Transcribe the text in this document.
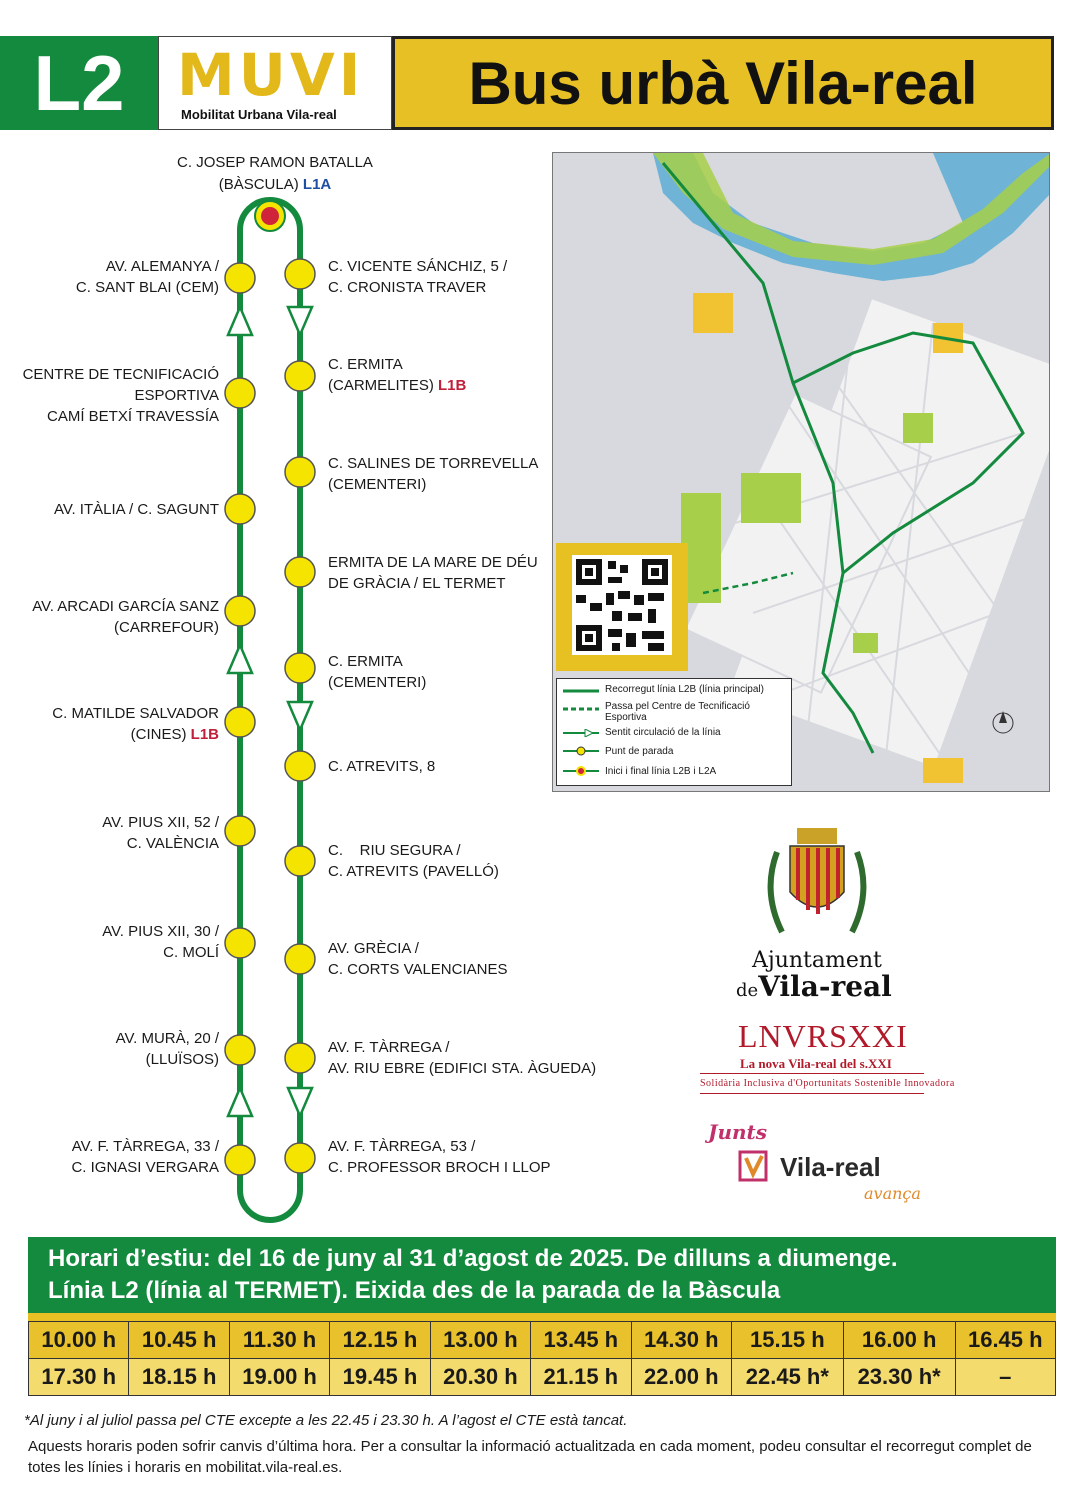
L2 MUVI
Mobilitat Urbana Vila-real	Bus urbà Vila-real
C. JOSEP RAMON BATALLA
(BÀSCULA) L1A
AV. ALEMANYA /
C. SANT BLAI (CEM)
CENTRE DE TECNIFICACIÓ
ESPORTIVA
CAMÍ BETXÍ TRAVESSÍA
AV. ITÀLIA / C. SAGUNT
AV. ARCADI GARCÍA SANZ
(CARREFOUR)
C. MATILDE SALVADOR
(CINES) L1B
AV. PIUS XII, 52 /
C. VALÈNCIA
AV. PIUS XII, 30 /
C. MOLÍ
AV. MURÀ, 20 /
(LLUÏSOS)
AV. F. TÀRREGA, 33 /
C. IGNASI VERGARA
C. VICENTE SÁNCHIZ, 5 /
C. CRONISTA TRAVER
C. ERMITA
(CARMELITES) L1B
C. SALINES DE TORREVELLA
(CEMENTERI)
ERMITA DE LA MARE DE DÉU
DE GRÀCIA / EL TERMET
C. ERMITA
(CEMENTERI)
C. ATREVITS, 8
C.    RIU SEGURA /
C. ATREVITS (PAVELLÓ)
AV. GRÈCIA /
C. CORTS VALENCIANES
AV. F. TÀRREGA /
AV. RIU EBRE (EDIFICI STA. ÀGUEDA)
AV. F. TÀRREGA, 53 /
C. PROFESSOR BROCH I LLOP
Recorregut línia L2B (línia principal)
Passa pel Centre de Tecnificació Esportiva
Sentit circulació de la línia
Punt de parada
Inici i final línia L2B i L2A
Ajuntament
deVila-real
LNVRSXXI
La nova Vila-real del s.XXI
Solidària Inclusiva d'Oportunitats Sostenible Innovadora
Junts
Vila-real
avança
Horari d’estiu: del 16 de juny al 31 d’agost de 2025. De dilluns a diumenge.
Línia L2 (línia al TERMET). Eixida des de la parada de la Bàscula
10.00 h	10.45 h	11.30 h	12.15 h	13.00 h	13.45 h	14.30 h	15.15 h	16.00 h	16.45 h
17.30 h	18.15 h	19.00 h	19.45 h	20.30 h	21.15 h	22.00 h	22.45 h*	23.30 h*	–
*Al juny i al juliol passa pel CTE excepte a les 22.45 i 23.30 h. A l’agost el CTE està tancat.
Aquests horaris poden sofrir canvis d’última hora. Per a consultar la informació actualitzada en cada moment, podeu consultar el recorregut complet de totes les línies i horaris en mobilitat.vila-real.es.
